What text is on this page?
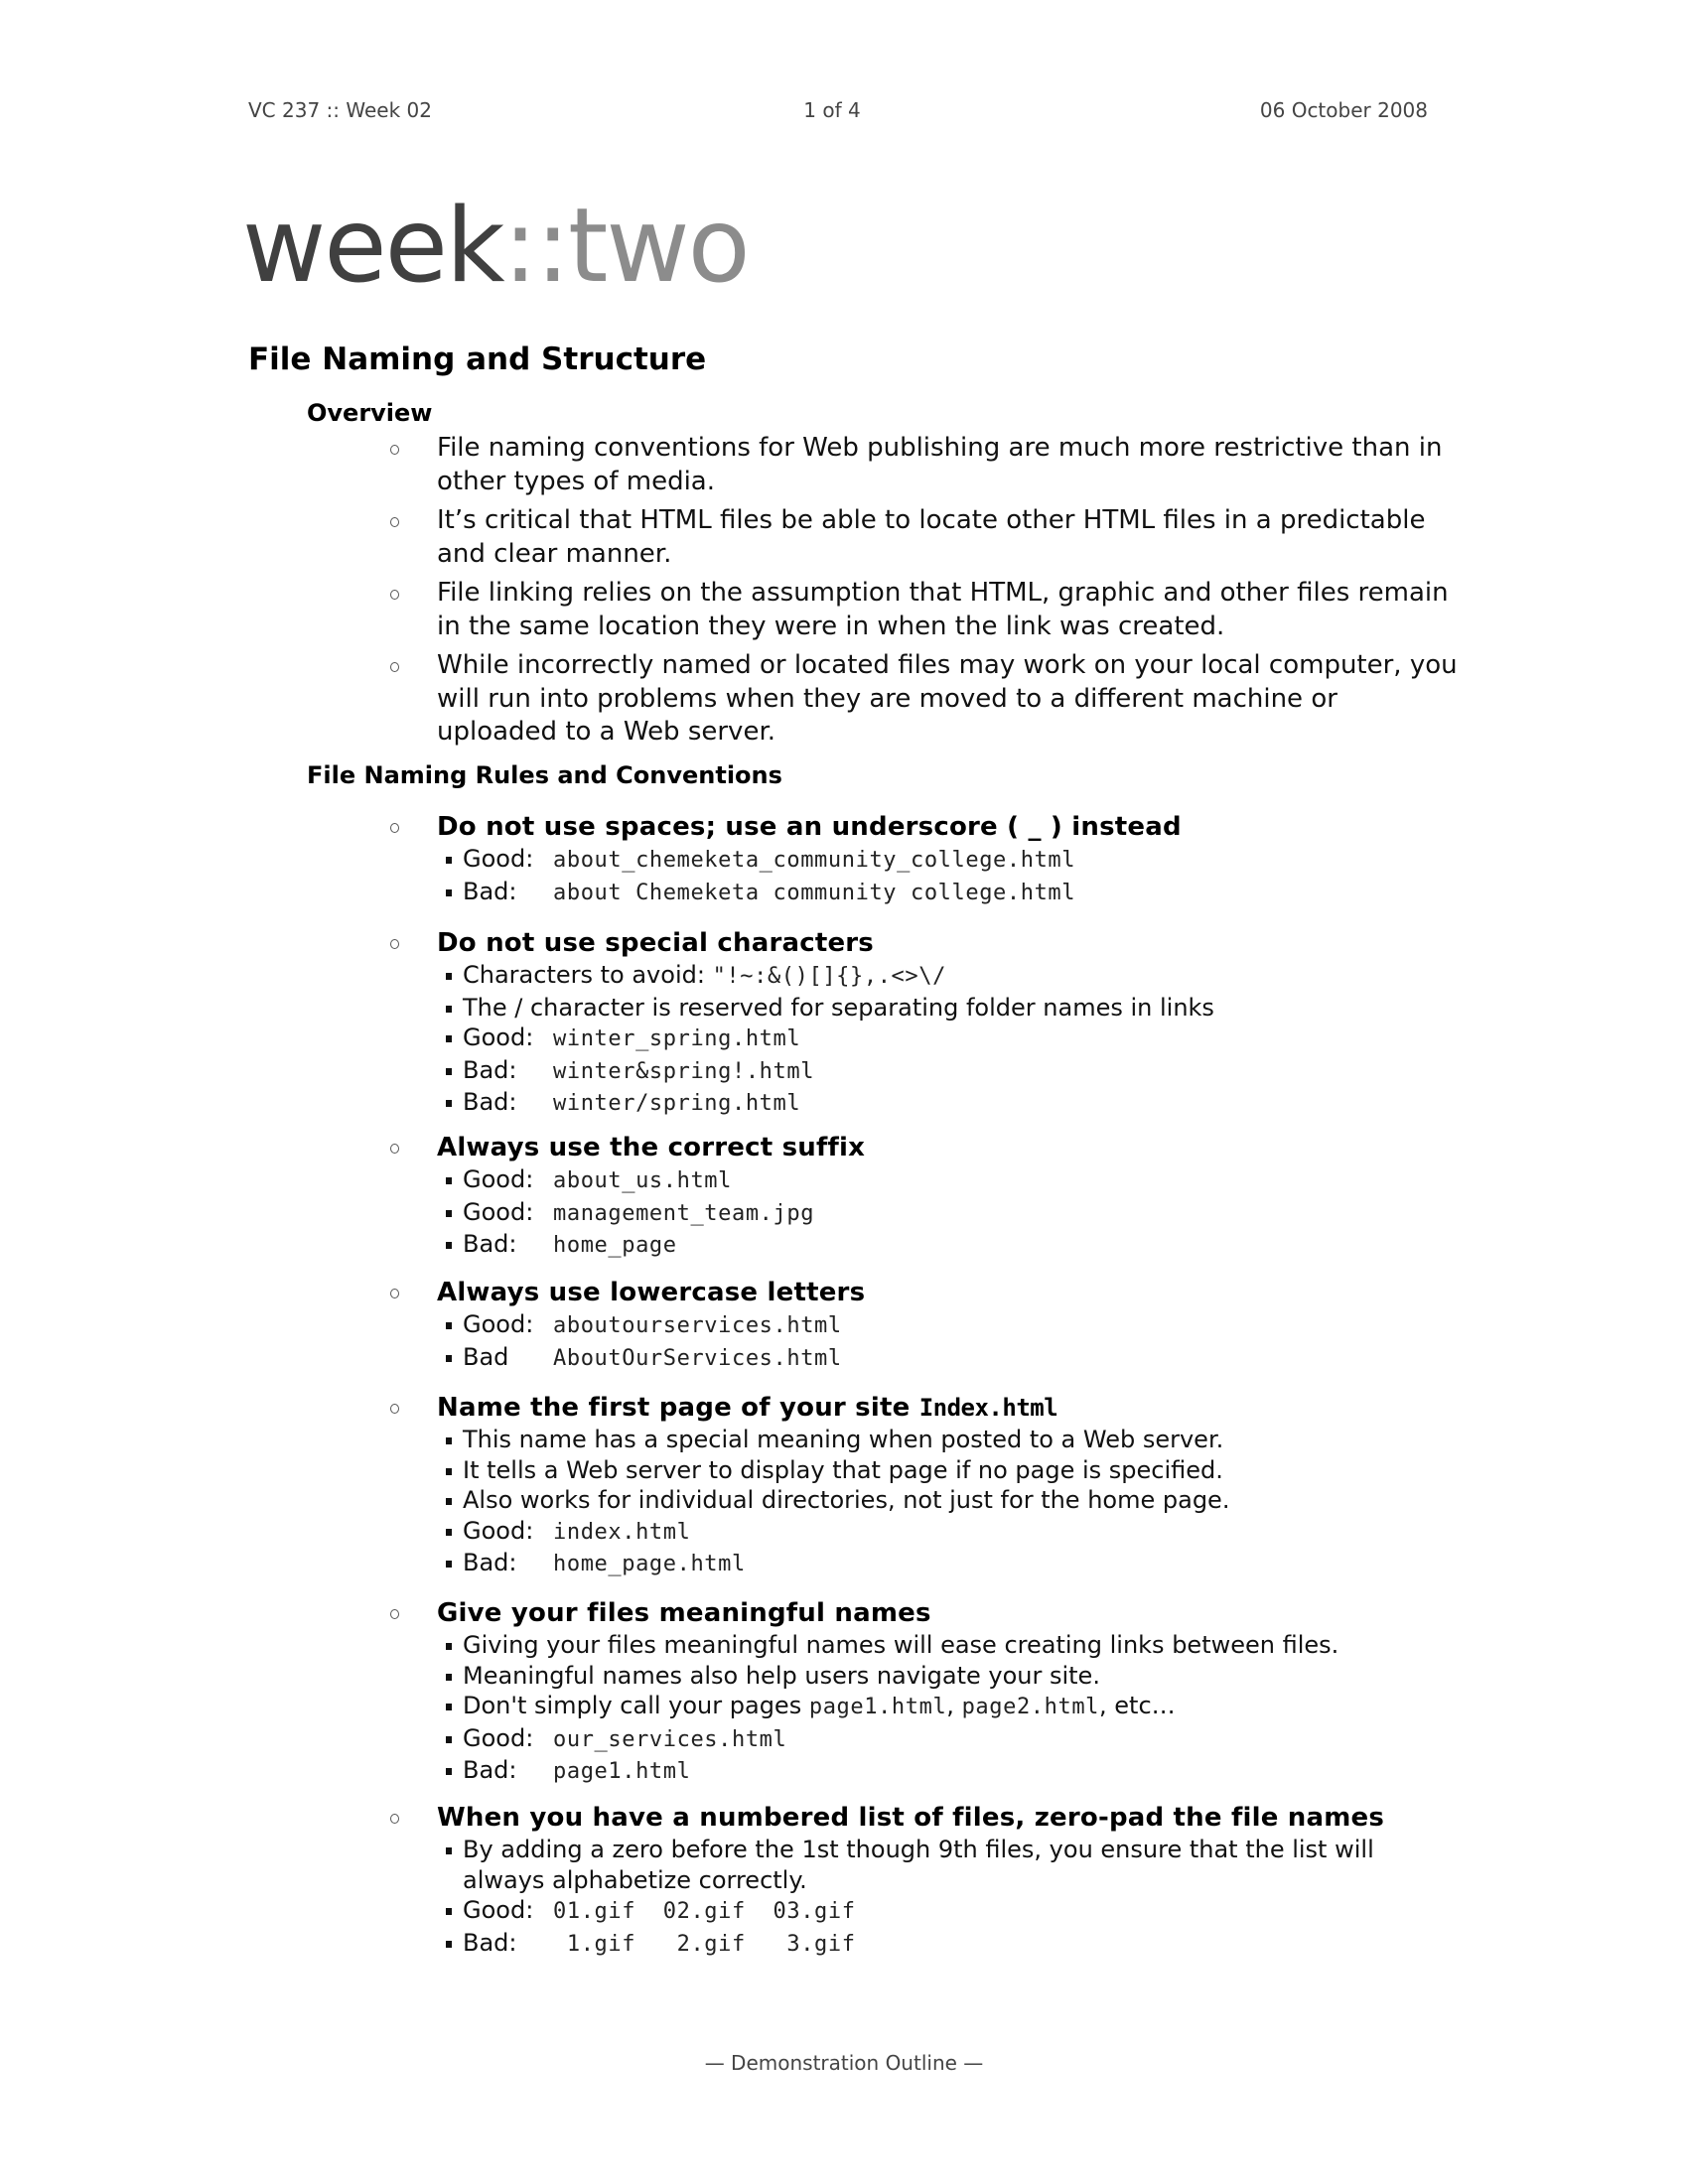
VC 237 :: Week 02	1 of 4	06 October 2008
week::two
File Naming and Structure
Overview
File naming conventions for Web publishing are much more restrictive than in other types of media.
It’s critical that HTML files be able to locate other HTML files in a predictable and clear manner.
File linking relies on the assumption that HTML, graphic and other files remain in the same location they were in when the link was created.
While incorrectly named or located files may work on your local computer, you will run into problems when they are moved to a different machine or uploaded to a Web server.
File Naming Rules and Conventions
Do not use spaces; use an underscore ( _ ) instead
Good: about_chemeketa_community_college.html
Bad: about Chemeketa community college.html
Do not use special characters
Characters to avoid: "!~:&()[]{},.<>\/
The / character is reserved for separating folder names in links
Good: winter_spring.html
Bad: winter&spring!.html
Bad: winter/spring.html
Always use the correct suffix
Good: about_us.html
Good: management_team.jpg
Bad: home_page
Always use lowercase letters
Good: aboutourservices.html
Bad AboutOurServices.html
Name the first page of your site Index.html
This name has a special meaning when posted to a Web server.
It tells a Web server to display that page if no page is specified.
Also works for individual directories, not just for the home page.
Good: index.html
Bad: home_page.html
Give your files meaningful names
Giving your files meaningful names will ease creating links between files.
Meaningful names also help users navigate your site.
Don't simply call your pages page1.html, page2.html, etc…
Good: our_services.html
Bad: page1.html
When you have a numbered list of files, zero-pad the file names
By adding a zero before the 1st though 9th files, you ensure that the list will always alphabetize correctly.
Good: 01.gif  02.gif  03.gif
Bad: 1.gif   2.gif   3.gif
— Demonstration Outline —
